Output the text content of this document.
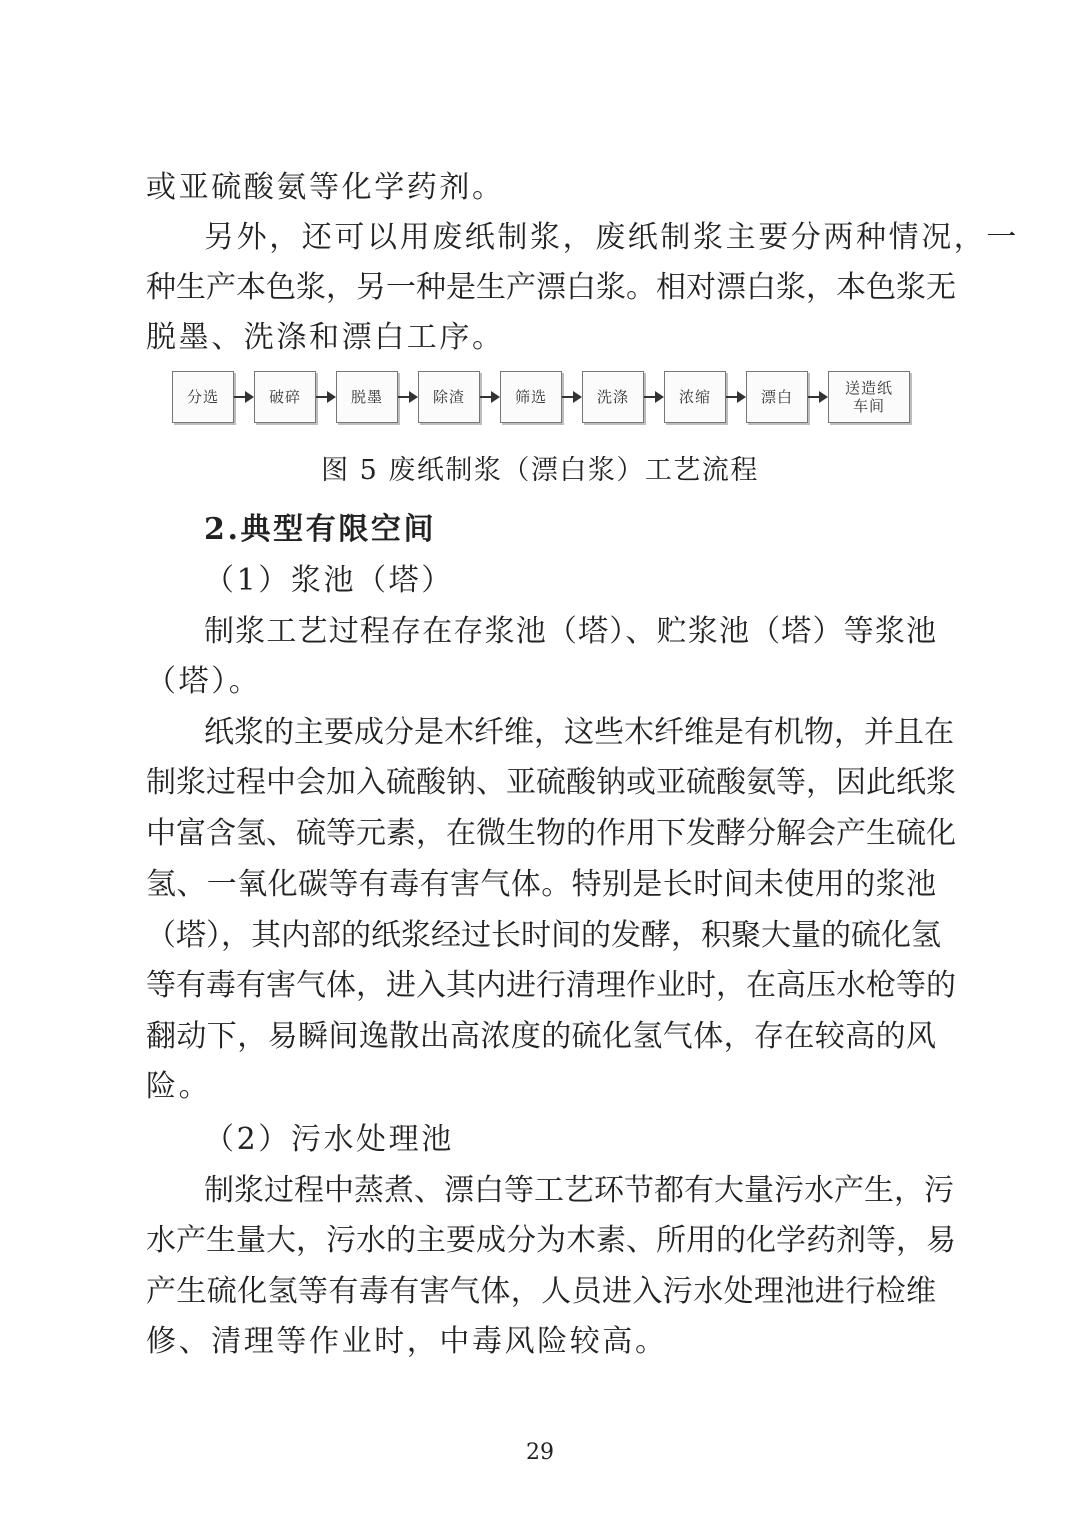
或亚硫酸氨等化学药剂。
另外，还可以用废纸制浆，废纸制浆主要分两种情况，一
种生产本色浆，另一种是生产漂白浆。相对漂白浆，本色浆无
脱墨、洗涤和漂白工序。
分选	破碎	脱墨	除渣	筛选	洗涤	浓缩	漂白	送造纸
车间
图 5 废纸制浆（漂白浆）工艺流程
2.典型有限空间
（1）浆池（塔）
制浆工艺过程存在存浆池（塔）、贮浆池（塔）等浆池
（塔）。
纸浆的主要成分是木纤维，这些木纤维是有机物，并且在
制浆过程中会加入硫酸钠、亚硫酸钠或亚硫酸氨等，因此纸浆
中富含氢、硫等元素，在微生物的作用下发酵分解会产生硫化
氢、一氧化碳等有毒有害气体。特别是长时间未使用的浆池
（塔），其内部的纸浆经过长时间的发酵，积聚大量的硫化氢
等有毒有害气体，进入其内进行清理作业时，在高压水枪等的
翻动下，易瞬间逸散出高浓度的硫化氢气体，存在较高的风
险。
（2）污水处理池
制浆过程中蒸煮、漂白等工艺环节都有大量污水产生，污
水产生量大，污水的主要成分为木素、所用的化学药剂等，易
产生硫化氢等有毒有害气体，人员进入污水处理池进行检维
修、清理等作业时，中毒风险较高。
29
